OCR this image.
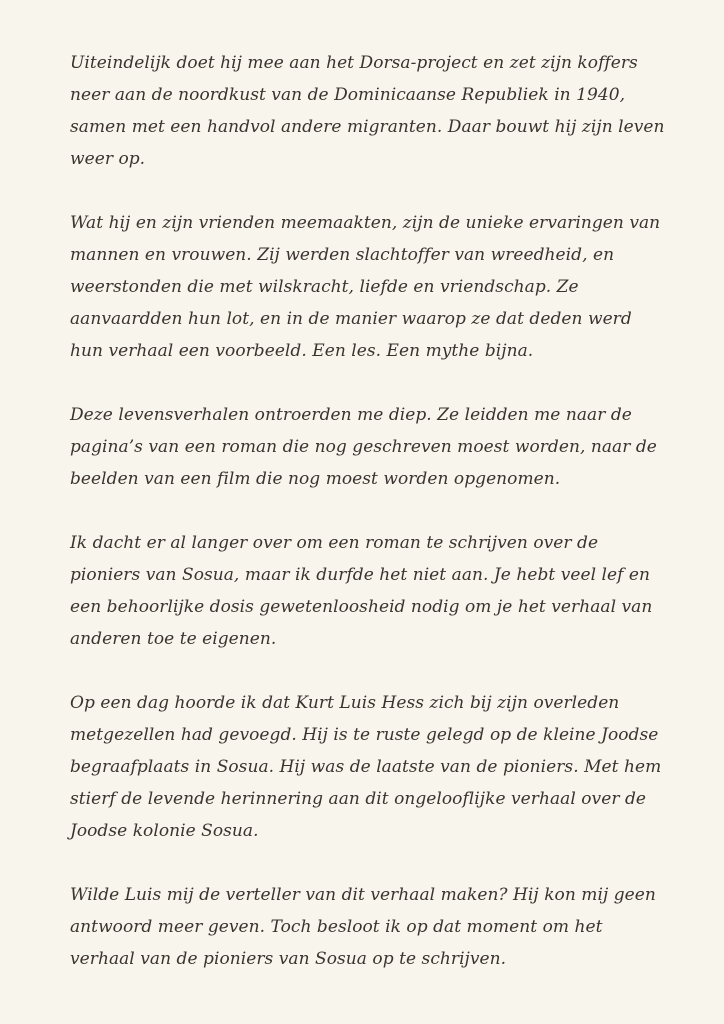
Uiteindelijk doet hij mee aan het Dorsa-project en zet zijn koffers neer aan de noordkust van de Dominicaanse Republiek in 1940, samen met een handvol andere migranten. Daar bouwt hij zijn leven weer op.

Wat hij en zijn vrienden meemaakten, zijn de unieke ervaringen van mannen en vrouwen. Zij werden slachtoffer van wreedheid, en weerstonden die met wilskracht, liefde en vriendschap. Ze aanvaardden hun lot, en in de manier waarop ze dat deden werd hun verhaal een voorbeeld. Een les. Een mythe bijna.

Deze levensverhalen ontroerden me diep. Ze leidden me naar de pagina’s van een roman die nog geschreven moest worden, naar de beelden van een film die nog moest worden opgenomen.

Ik dacht er al langer over om een roman te schrijven over de pioniers van Sosua, maar ik durfde het niet aan. Je hebt veel lef en een behoorlijke dosis gewetenloosheid nodig om je het verhaal van anderen toe te eigenen.

Op een dag hoorde ik dat Kurt Luis Hess zich bij zijn overleden metgezellen had gevoegd. Hij is te ruste gelegd op de kleine Joodse begraafplaats in Sosua. Hij was de laatste van de pioniers. Met hem stierf de levende herinnering aan dit ongelooflijke verhaal over de Joodse kolonie Sosua.

Wilde Luis mij de verteller van dit verhaal maken? Hij kon mij geen antwoord meer geven. Toch besloot ik op dat moment om het verhaal van de pioniers van Sosua op te schrijven.
